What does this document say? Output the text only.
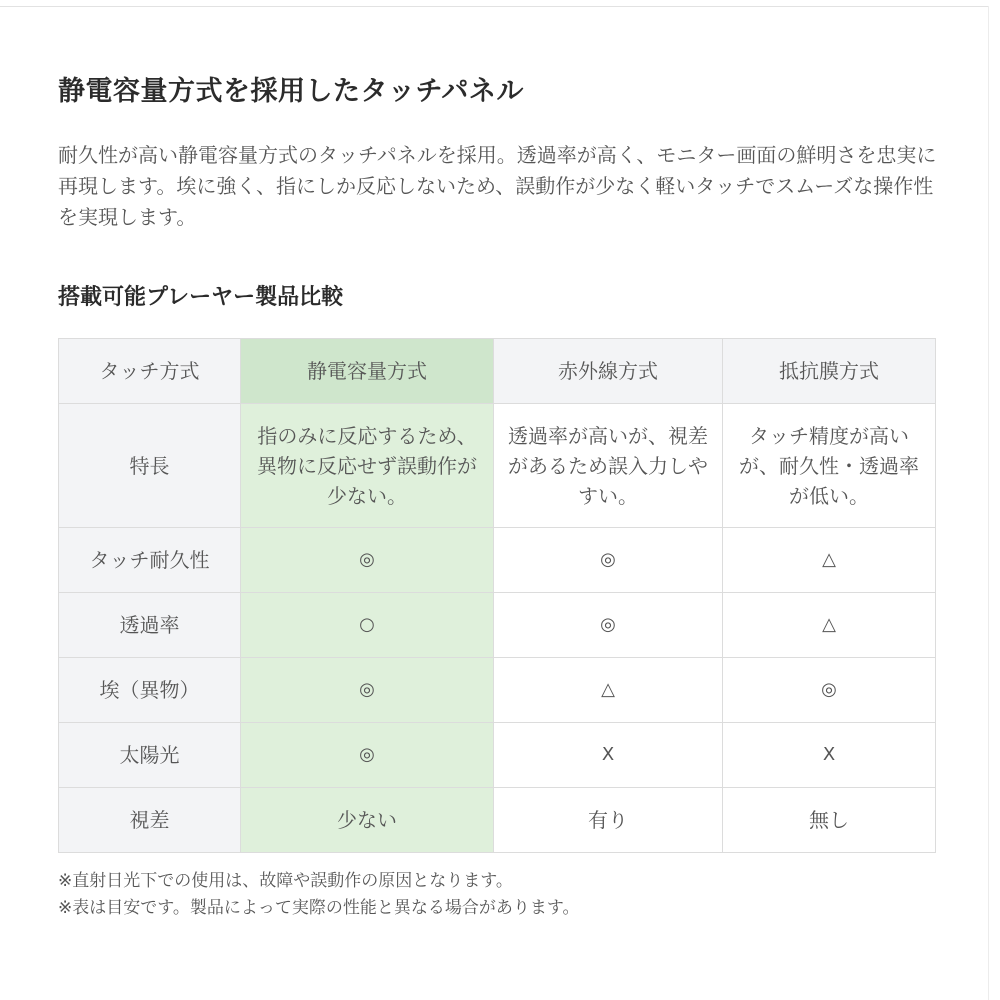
静電容量方式を採用したタッチパネル

耐久性が高い静電容量方式のタッチパネルを採用。透過率が高く、モニター画面の鮮明さを忠実に再現します。埃に強く、指にしか反応しないため、誤動作が少なく軽いタッチでスムーズな操作性を実現します。

搭載可能プレーヤー製品比較
タッチ方式	静電容量方式	赤外線方式	抵抗膜方式
特長	指のみに反応するため、異物に反応せず誤動作が少ない。	透過率が高いが、視差があるため誤入力しやすい。	タッチ精度が高いが、耐久性・透過率が低い。
タッチ耐久性	◎	◎	△
透過率	○	◎	△
埃（異物）	◎	△	◎
太陽光	◎	X	X
視差	少ない	有り	無し
※直射日光下での使用は、故障や誤動作の原因となります。
※表は目安です。製品によって実際の性能と異なる場合があります。
